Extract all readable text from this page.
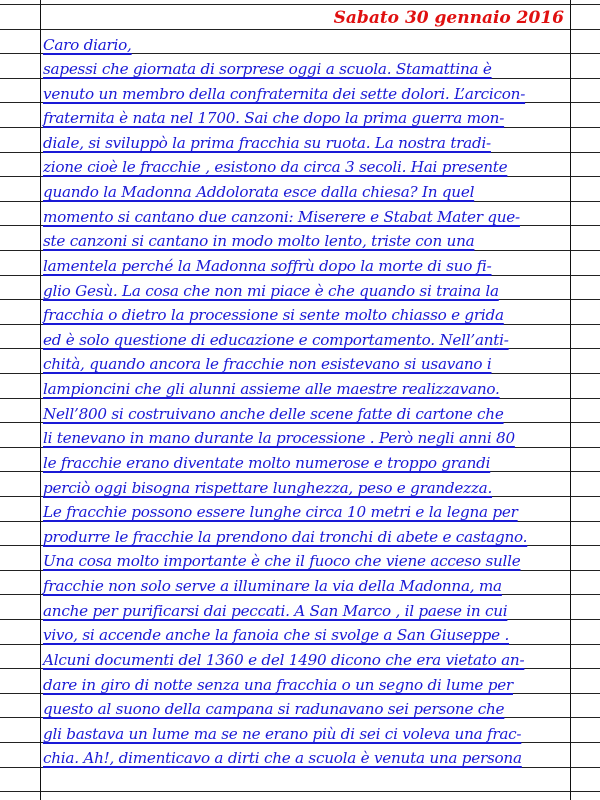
Sabato 30 gennaio 2016
Caro diario,
sapessi che giornata di sorprese oggi a scuola. Stamattina è
venuto un membro della confraternita dei sette dolori. L’arcicon-
fraternita è nata nel 1700. Sai che dopo la prima guerra mon-
diale, si sviluppò la prima fracchia su ruota. La nostra tradi-
zione cioè le fracchie , esistono da circa 3 secoli. Hai presente
quando la Madonna Addolorata esce dalla chiesa? In quel
momento si cantano due canzoni: Miserere e Stabat Mater que-
ste canzoni si cantano in modo molto lento, triste con una
lamentela perché la Madonna soffrù dopo la morte di suo fi-
glio Gesù. La cosa che non mi piace è che quando si traina la
fracchia o dietro la processione si sente molto chiasso e grida
ed è solo questione di educazione e comportamento. Nell’anti-
chità, quando ancora le fracchie non esistevano si usavano i
lampioncini che gli alunni assieme alle maestre realizzavano.
Nell’800 si costruivano anche delle scene fatte di cartone che
li tenevano in mano durante la processione . Però negli anni 80
le fracchie erano diventate molto numerose e troppo grandi
perciò oggi bisogna rispettare lunghezza, peso e grandezza.
Le fracchie possono essere lunghe circa 10 metri e la legna per
produrre le fracchie la prendono dai tronchi di abete e castagno.
Una cosa molto importante è che il fuoco che viene acceso sulle
fracchie non solo serve a illuminare la via della Madonna, ma
anche per purificarsi dai peccati. A San Marco , il paese in cui
vivo, si accende anche la fanoia che si svolge a San Giuseppe .
Alcuni documenti del 1360 e del 1490 dicono che era vietato an-
dare in giro di notte senza una fracchia o un segno di lume per
questo al suono della campana si radunavano sei persone che
gli bastava un lume ma se ne erano più di sei ci voleva una frac-
chia. Ah!, dimenticavo a dirti che a scuola è venuta una persona
